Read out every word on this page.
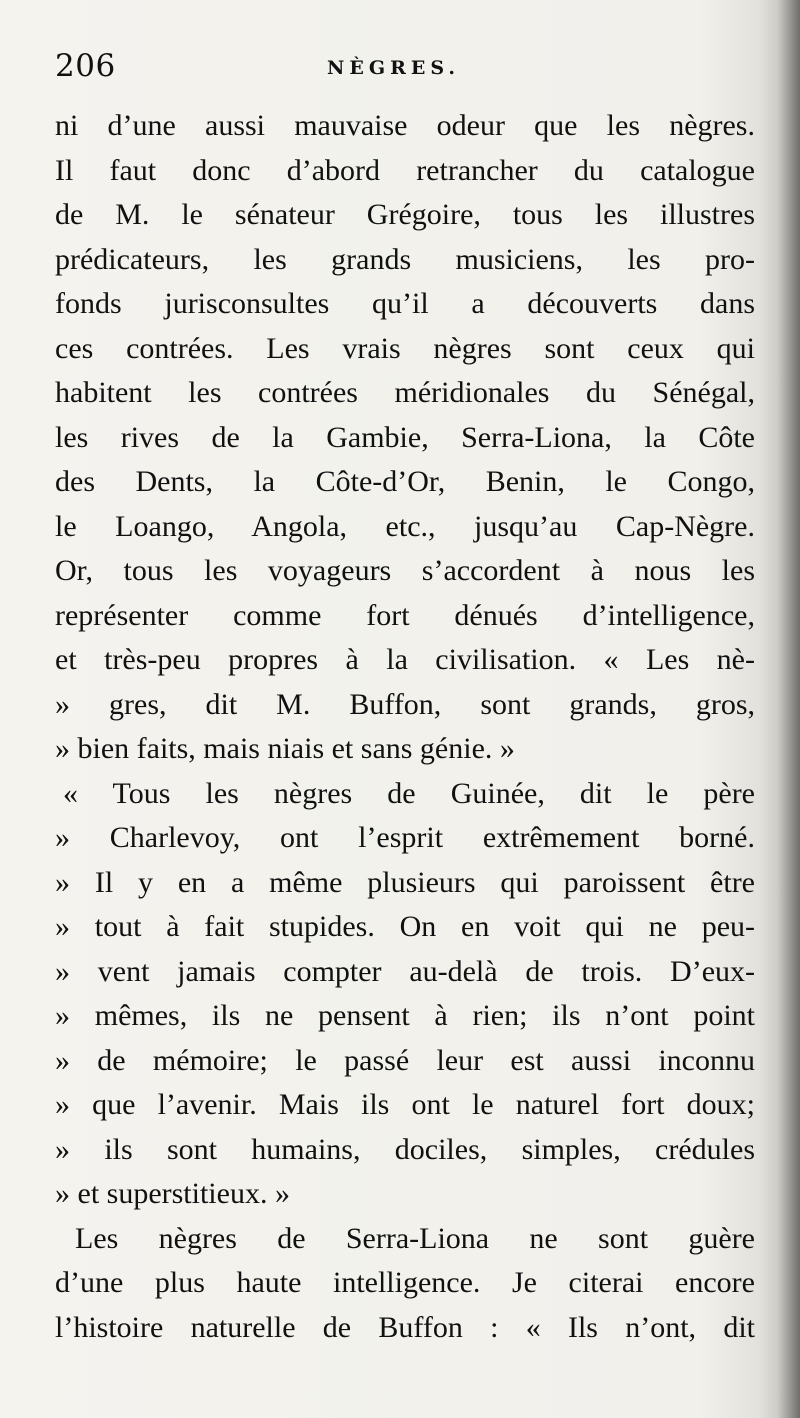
206	NÈGRES.
ni d’une aussi mauvaise odeur que les nègres.
Il faut donc d’abord retrancher du catalogue
de M. le sénateur Grégoire, tous les illustres
prédicateurs, les grands musiciens, les pro-
fonds jurisconsultes qu’il a découverts dans
ces contrées. Les vrais nègres sont ceux qui
habitent les contrées méridionales du Sénégal,
les rives de la Gambie, Serra-Liona, la Côte
des Dents, la Côte-d’Or, Benin, le Congo,
le Loango, Angola, etc., jusqu’au Cap-Nègre.
Or, tous les voyageurs s’accordent à nous les
représenter comme fort dénués d’intelligence,
et très-peu propres à la civilisation. « Les nè-
» gres, dit M. Buffon, sont grands, gros,
» bien faits, mais niais et sans génie. »
« Tous les nègres de Guinée, dit le père
» Charlevoy, ont l’esprit extrêmement borné.
» Il y en a même plusieurs qui paroissent être
» tout à fait stupides. On en voit qui ne peu-
» vent jamais compter au-delà de trois. D’eux-
» mêmes, ils ne pensent à rien; ils n’ont point
» de mémoire; le passé leur est aussi inconnu
» que l’avenir. Mais ils ont le naturel fort doux;
» ils sont humains, dociles, simples, crédules
» et superstitieux. »
Les nègres de Serra-Liona ne sont guère
d’une plus haute intelligence. Je citerai encore
l’histoire naturelle de Buffon : « Ils n’ont, dit
